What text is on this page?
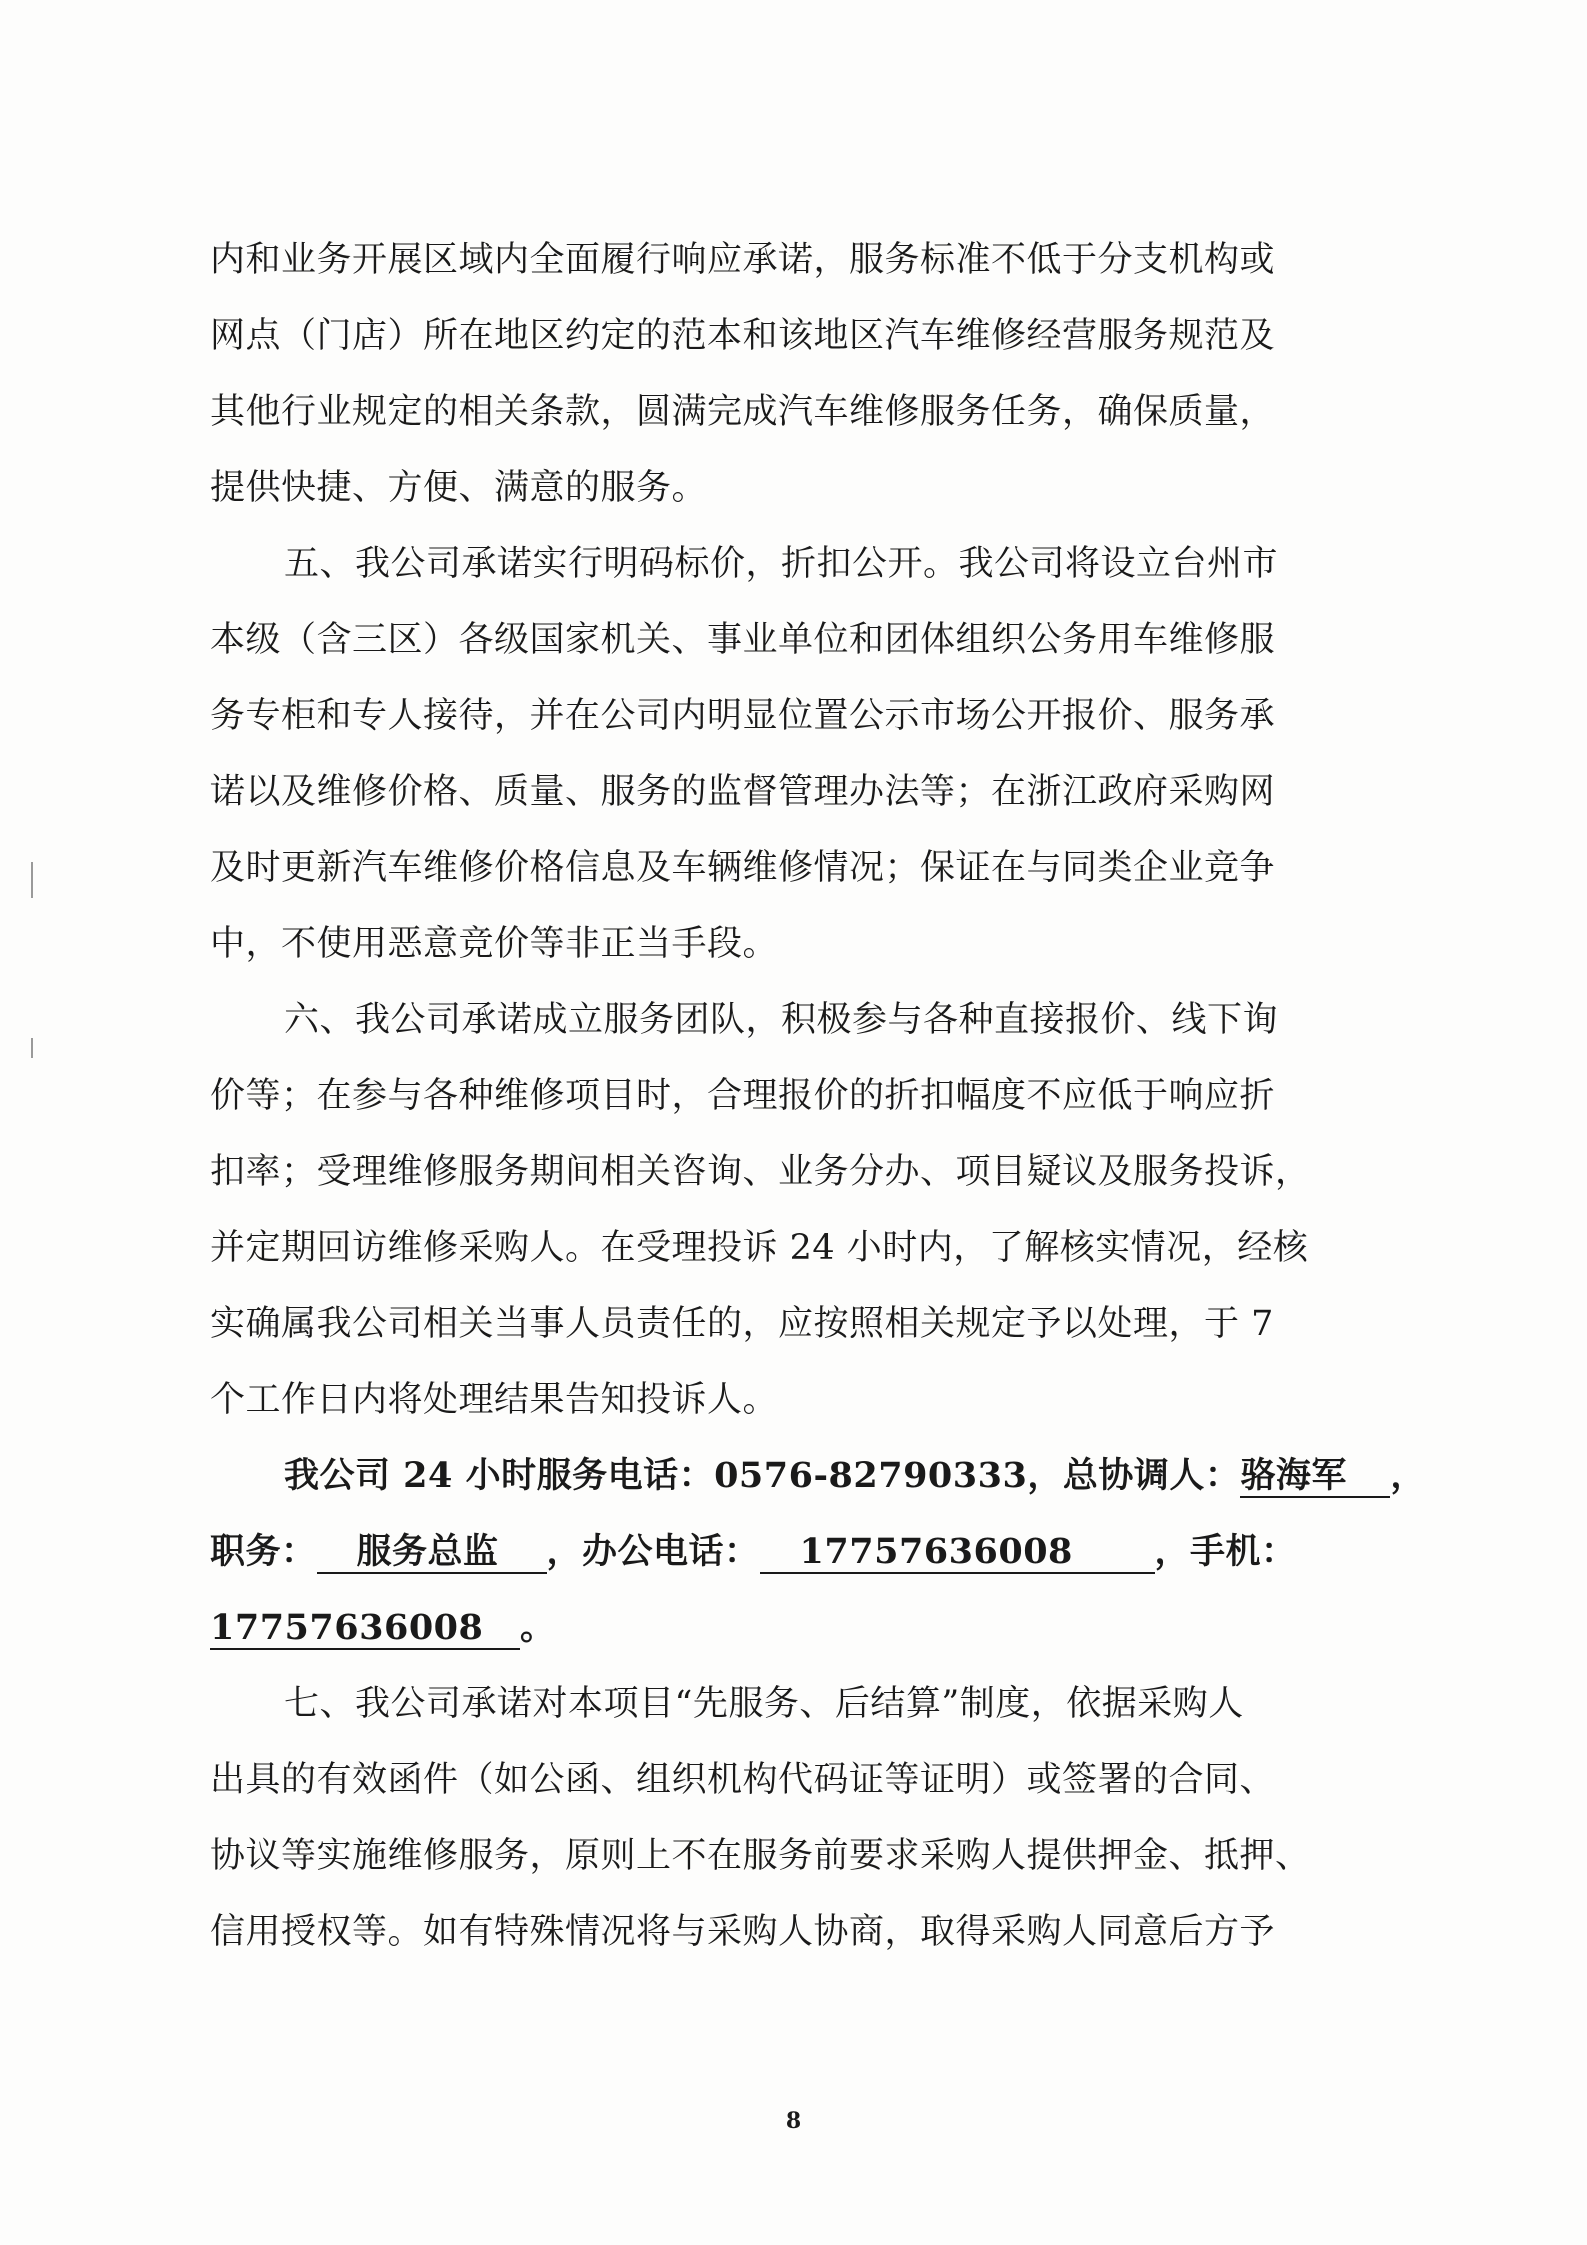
内和业务开展区域内全面履行响应承诺，服务标准不低于分支机构或
网点（门店）所在地区约定的范本和该地区汽车维修经营服务规范及
其他行业规定的相关条款，圆满完成汽车维修服务任务，确保质量，
提供快捷、方便、满意的服务。
五、我公司承诺实行明码标价，折扣公开。我公司将设立台州市
本级（含三区）各级国家机关、事业单位和团体组织公务用车维修服
务专柜和专人接待，并在公司内明显位置公示市场公开报价、服务承
诺以及维修价格、质量、服务的监督管理办法等；在浙江政府采购网
及时更新汽车维修价格信息及车辆维修情况；保证在与同类企业竞争
中，不使用恶意竞价等非正当手段。
六、我公司承诺成立服务团队，积极参与各种直接报价、线下询
价等；在参与各种维修项目时，合理报价的折扣幅度不应低于响应折
扣率；受理维修服务期间相关咨询、业务分办、项目疑议及服务投诉，
并定期回访维修采购人。在受理投诉 24 小时内，了解核实情况，经核
实确属我公司相关当事人员责任的，应按照相关规定予以处理，于 7
个工作日内将处理结果告知投诉人。
我公司 24 小时服务电话：0576-82790333，总协调人：骆海军 ，
职务： 服务总监 ，办公电话： 17757636008 ，手机：
17757636008 。
七、我公司承诺对本项目“先服务、后结算”制度，依据采购人
出具的有效函件（如公函、组织机构代码证等证明）或签署的合同、
协议等实施维修服务，原则上不在服务前要求采购人提供押金、抵押、
信用授权等。如有特殊情况将与采购人协商，取得采购人同意后方予
8
